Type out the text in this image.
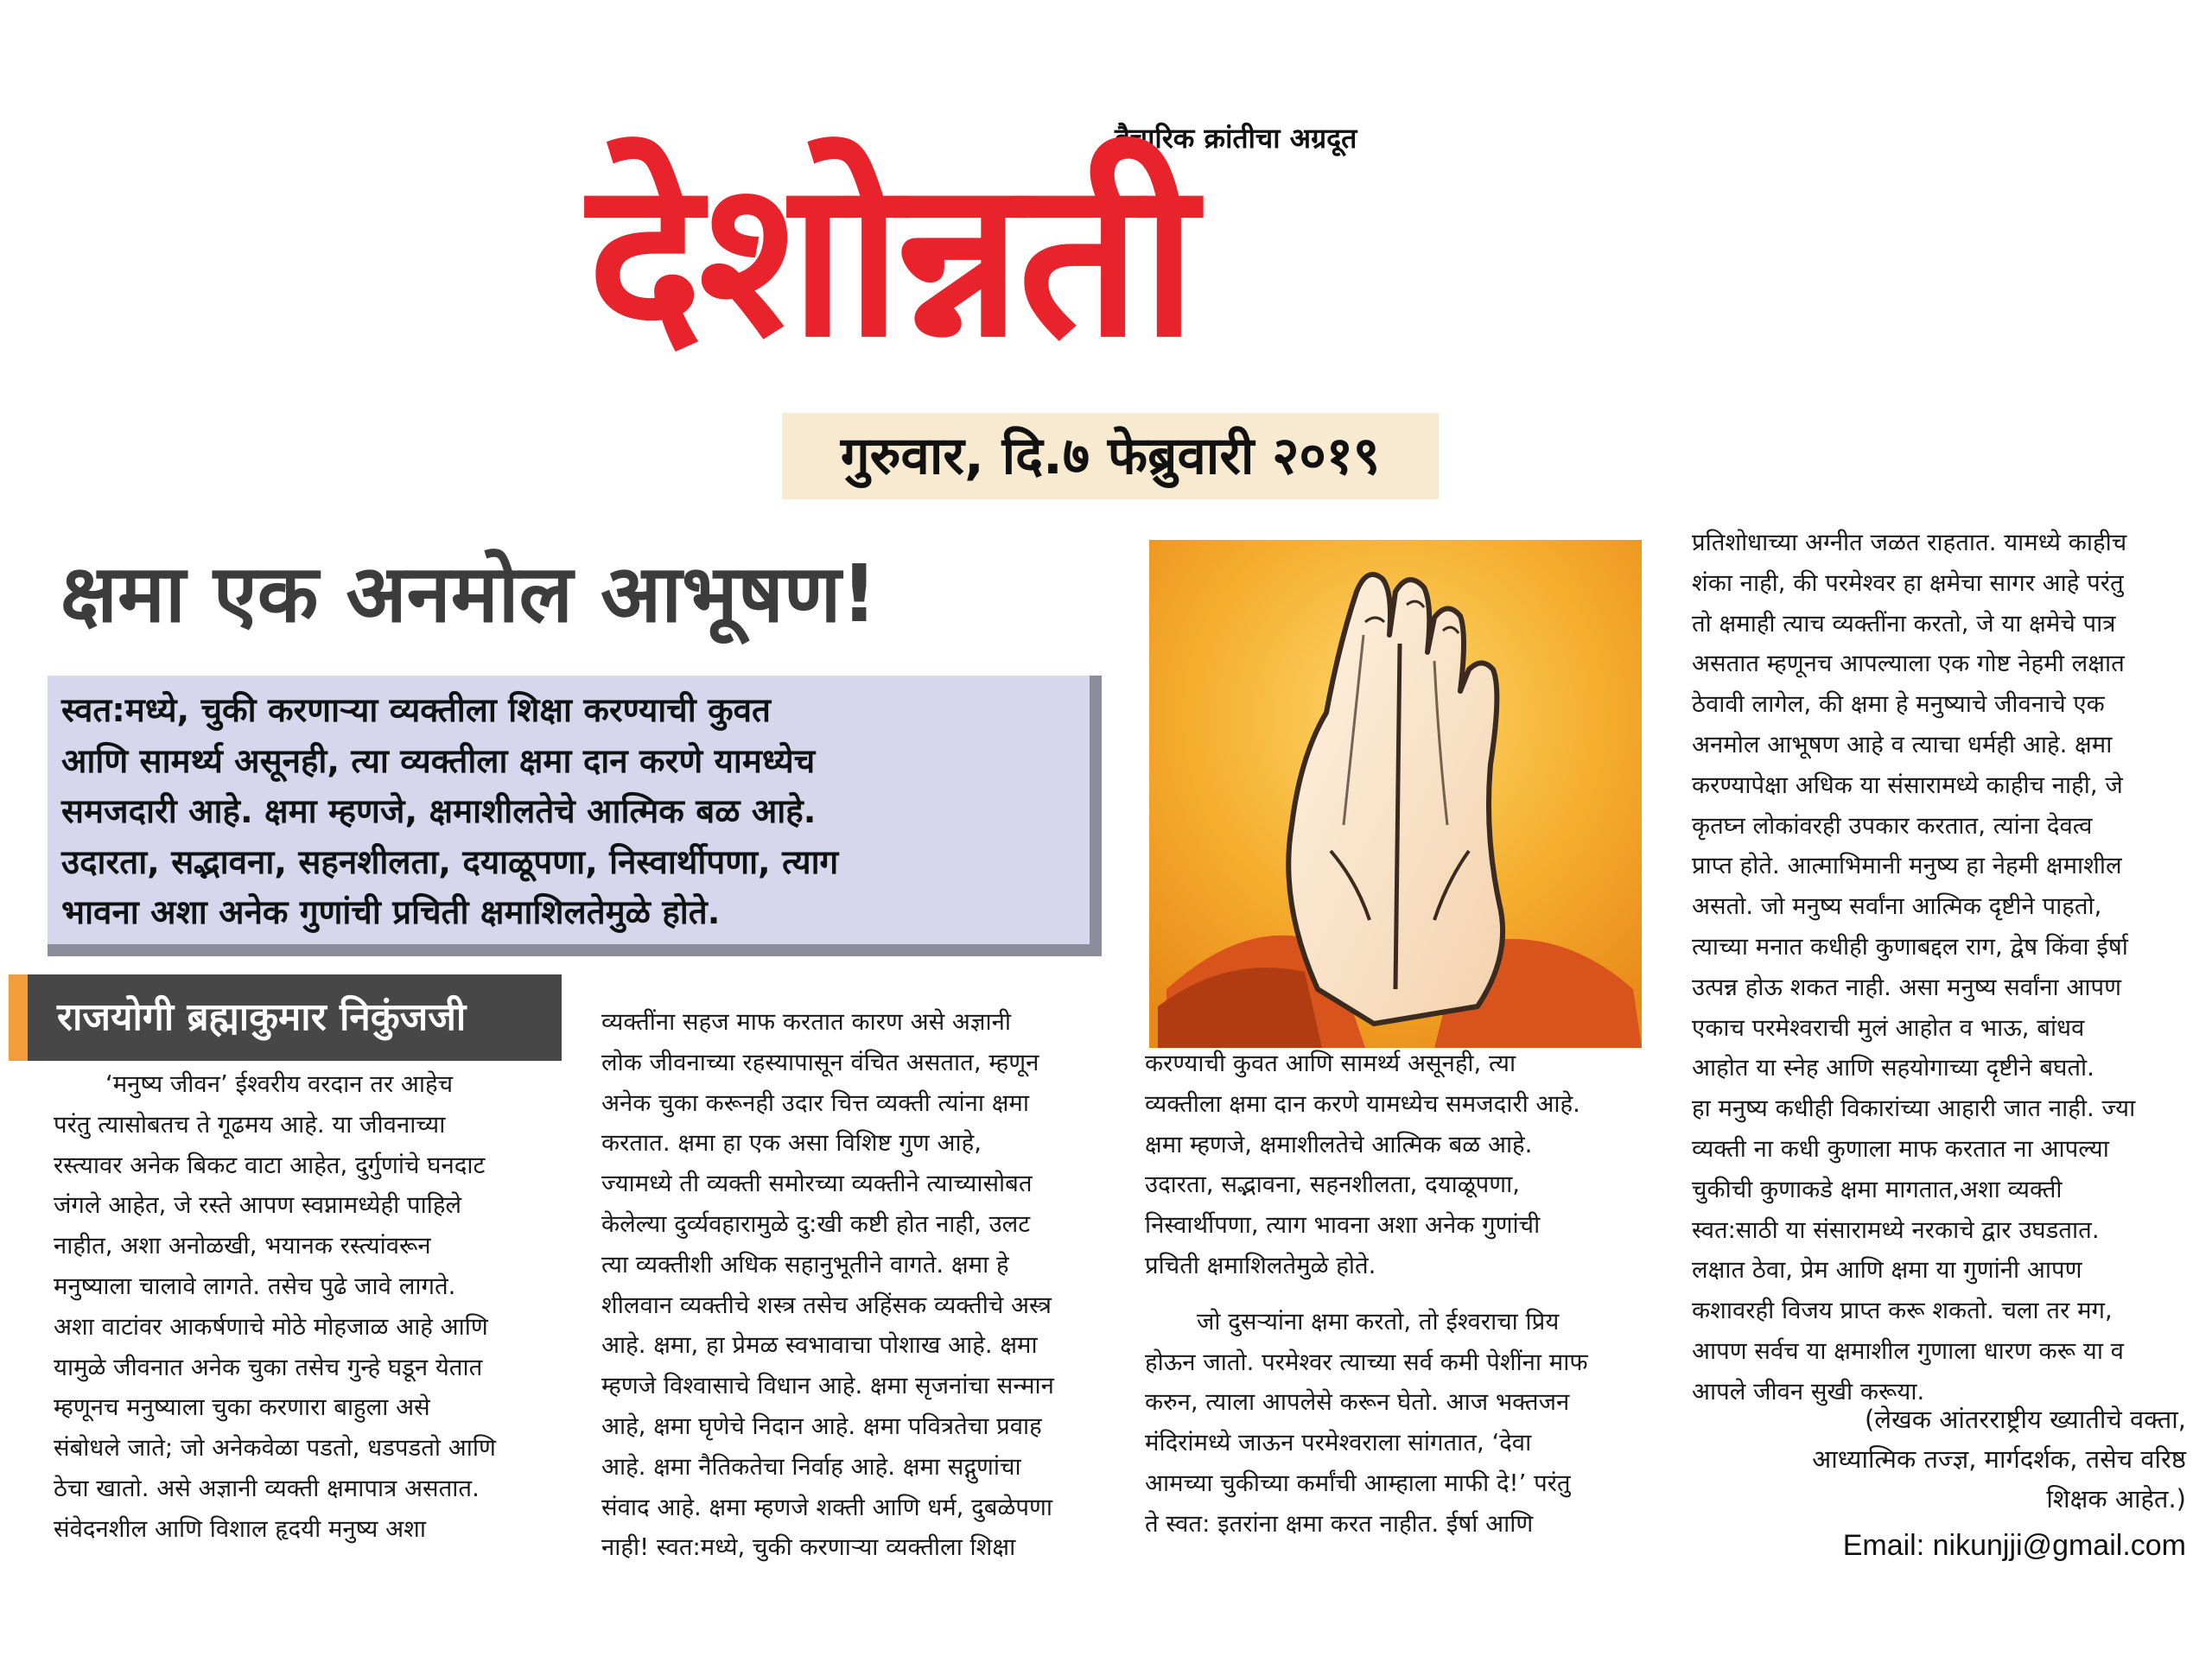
वैचारिक क्रांतीचा अग्रदूत
देशोन्नती
गुरुवार, दि.७ फेब्रुवारी २०१९
क्षमा एक अनमोल आभूषण!

स्वत:मध्ये, चुकी करणाऱ्या व्यक्तीला शिक्षा करण्याची कुवत
आणि सामर्थ्य असूनही, त्या व्यक्तीला क्षमा दान करणे यामध्येच
समजदारी आहे. क्षमा म्हणजे, क्षमाशीलतेचे आत्मिक बळ आहे.
उदारता, सद्भावना, सहनशीलता, दयाळूपणा, निस्वार्थीपणा, त्याग
भावना अशा अनेक गुणांची प्रचिती क्षमाशिलतेमुळे होते.

राजयोगी ब्रह्माकुमार निकुंजजी

‘मनुष्य जीवन’ ईश्वरीय वरदान तर आहेच
परंतु त्यासोबतच ते गूढमय आहे. या जीवनाच्या
रस्त्यावर अनेक बिकट वाटा आहेत, दुर्गुणांचे घनदाट
जंगले आहेत, जे रस्ते आपण स्वप्नामध्येही पाहिले
नाहीत, अशा अनोळखी, भयानक रस्त्यांवरून
मनुष्याला चालावे लागते. तसेच पुढे जावे लागते.
अशा वाटांवर आकर्षणाचे मोठे मोहजाळ आहे आणि
यामुळे जीवनात अनेक चुका तसेच गुन्हे घडून येतात
म्हणूनच मनुष्याला चुका करणारा बाहुला असे
संबोधले जाते; जो अनेकवेळा पडतो, धडपडतो आणि
ठेचा खातो. असे अज्ञानी व्यक्ती क्षमापात्र असतात.
संवेदनशील आणि विशाल हृदयी मनुष्य अशा

व्यक्तींना सहज माफ करतात कारण असे अज्ञानी
लोक जीवनाच्या रहस्यापासून वंचित असतात, म्हणून
अनेक चुका करूनही उदार चित्त व्यक्ती त्यांना क्षमा
करतात. क्षमा हा एक असा विशिष्ट गुण आहे,
ज्यामध्ये ती व्यक्ती समोरच्या व्यक्तीने त्याच्यासोबत
केलेल्या दुर्व्यवहारामुळे दु:खी कष्टी होत नाही, उलट
त्या व्यक्तीशी अधिक सहानुभूतीने वागते. क्षमा हे
शीलवान व्यक्तीचे शस्त्र तसेच अहिंसक व्यक्तीचे अस्त्र
आहे. क्षमा, हा प्रेमळ स्वभावाचा पोशाख आहे. क्षमा
म्हणजे विश्वासाचे विधान आहे. क्षमा सृजनांचा सन्मान
आहे, क्षमा घृणेचे निदान आहे. क्षमा पवित्रतेचा प्रवाह
आहे. क्षमा नैतिकतेचा निर्वाह आहे. क्षमा सद्गुणांचा
संवाद आहे. क्षमा म्हणजे शक्ती आणि धर्म, दुबळेपणा
नाही! स्वत:मध्ये, चुकी करणाऱ्या व्यक्तीला शिक्षा

करण्याची कुवत आणि सामर्थ्य असूनही, त्या
व्यक्तीला क्षमा दान करणे यामध्येच समजदारी आहे.
क्षमा म्हणजे, क्षमाशीलतेचे आत्मिक बळ आहे.
उदारता, सद्भावना, सहनशीलता, दयाळूपणा,
निस्वार्थीपणा, त्याग भावना अशा अनेक गुणांची
प्रचिती क्षमाशिलतेमुळे होते.

जो दुसऱ्यांना क्षमा करतो, तो ईश्वराचा प्रिय
होऊन जातो. परमेश्वर त्याच्या सर्व कमी पेशींना माफ
करुन, त्याला आपलेसे करून घेतो. आज भक्तजन
मंदिरांमध्ये जाऊन परमेश्वराला सांगतात, ‘देवा
आमच्या चुकीच्या कर्मांची आम्हाला माफी दे!’ परंतु
ते स्वत: इतरांना क्षमा करत नाहीत. ईर्षा आणि

प्रतिशोधाच्या अग्नीत जळत राहतात. यामध्ये काहीच
शंका नाही, की परमेश्वर हा क्षमेचा सागर आहे परंतु
तो क्षमाही त्याच व्यक्तींना करतो, जे या क्षमेचे पात्र
असतात म्हणूनच आपल्याला एक गोष्ट नेहमी लक्षात
ठेवावी लागेल, की क्षमा हे मनुष्याचे जीवनाचे एक
अनमोल आभूषण आहे व त्याचा धर्मही आहे. क्षमा
करण्यापेक्षा अधिक या संसारामध्ये काहीच नाही, जे
कृतघ्न लोकांवरही उपकार करतात, त्यांना देवत्व
प्राप्त होते. आत्माभिमानी मनुष्य हा नेहमी क्षमाशील
असतो. जो मनुष्य सर्वांना आत्मिक दृष्टीने पाहतो,
त्याच्या मनात कधीही कुणाबद्दल राग, द्वेष किंवा ईर्षा
उत्पन्न होऊ शकत नाही. असा मनुष्य सर्वांना आपण
एकाच परमेश्वराची मुलं आहोत व भाऊ, बांधव
आहोत या स्नेह आणि सहयोगाच्या दृष्टीने बघतो.
हा मनुष्य कधीही विकारांच्या आहारी जात नाही. ज्या
व्यक्ती ना कधी कुणाला माफ करतात ना आपल्या
चुकीची कुणाकडे क्षमा मागतात,अशा व्यक्ती
स्वत:साठी या संसारामध्ये नरकाचे द्वार उघडतात.
लक्षात ठेवा, प्रेम आणि क्षमा या गुणांनी आपण
कशावरही विजय प्राप्त करू शकतो. चला तर मग,
आपण सर्वच या क्षमाशील गुणाला धारण करू या व
आपले जीवन सुखी करूया.

(लेखक आंतरराष्ट्रीय ख्यातीचे वक्ता,
आध्यात्मिक तज्ज्ञ, मार्गदर्शक, तसेच वरिष्ठ
शिक्षक आहेत.)

Email: nikunjji@gmail.com
